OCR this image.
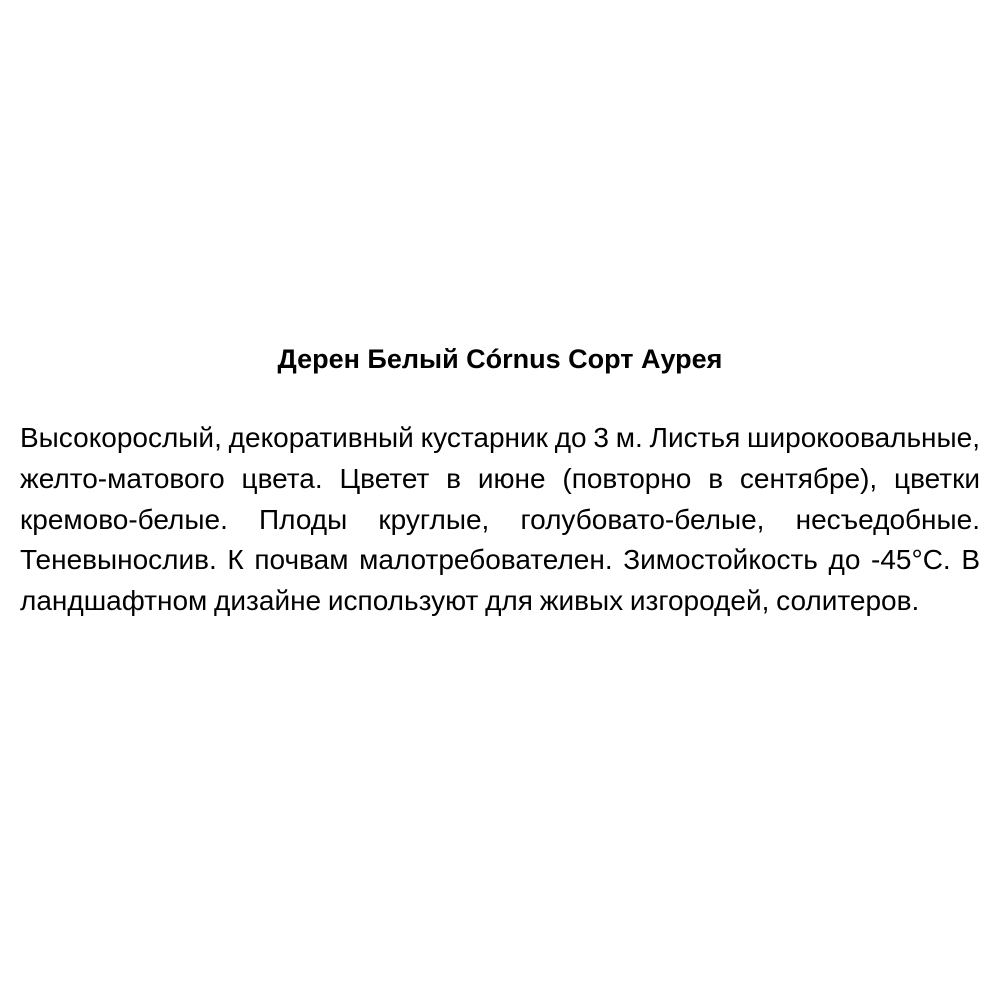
Дерен Белый Córnus Сорт Аурея

Высокорослый, декоративный кустарник до 3 м. Листья широкоовальные, желто-матового цвета. Цветет в июне (повторно в сентябре), цветки кремово-белые. Плоды круглые, голубовато-белые, несъедобные. Теневынослив. К почвам малотребователен. Зимостойкость до -45°C. В ландшафтном дизайне используют для живых изгородей, солитеров.
